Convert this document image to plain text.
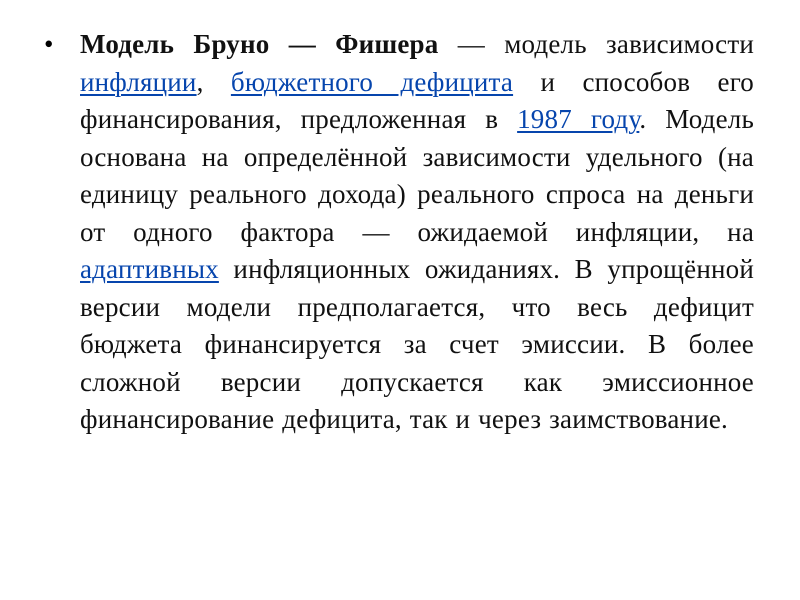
• Модель Бруно — Фишера — модель зависимости инфляции, бюджетного дефицита и способов его финансирования, предложенная в 1987 году. Модель основана на определённой зависимости удельного (на единицу реального дохода) реального спроса на деньги от одного фактора — ожидаемой инфляции, на адаптивных инфляционных ожиданиях. В упрощённой версии модели предполагается, что весь дефицит бюджета финансируется за счет эмиссии. В более сложной версии допускается как эмиссионное финансирование дефицита, так и через заимствование.
